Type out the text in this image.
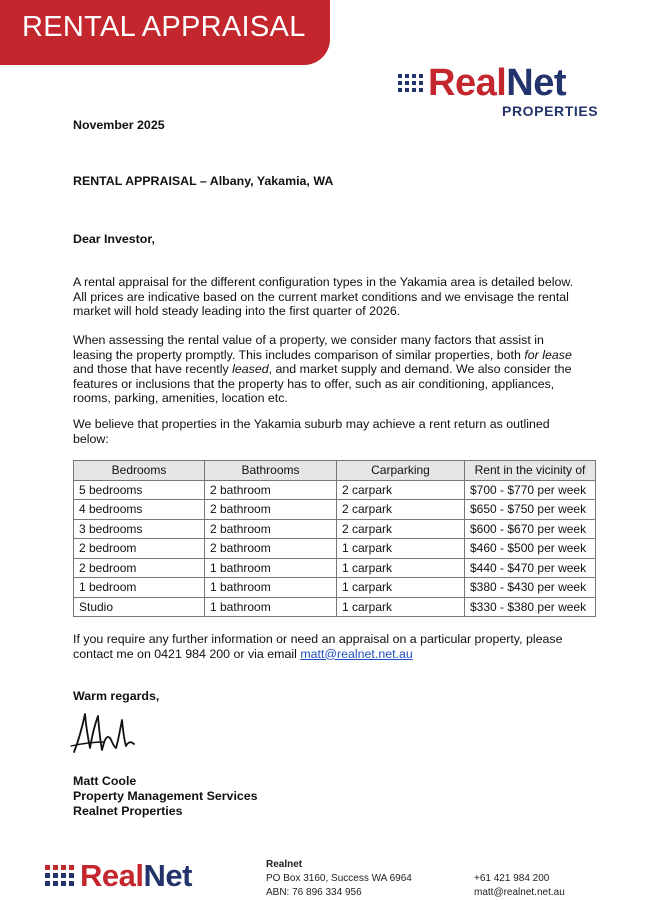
RENTAL APPRAISAL
Real Net
PROPERTIES
November 2025
RENTAL APPRAISAL – Albany, Yakamia, WA
Dear Investor,

A rental appraisal for the different configuration types in the Yakamia area is detailed below.

All prices are indicative based on the current market conditions and we envisage the rental

market will hold steady leading into the first quarter of 2026.

When assessing the rental value of a property, we consider many factors that assist in

leasing the property promptly. This includes comparison of similar properties, both for lease

and those that have recently leased, and market supply and demand. We also consider the

features or inclusions that the property has to offer, such as air conditioning, appliances,

rooms, parking, amenities, location etc.

We believe that properties in the Yakamia suburb may achieve a rent return as outlined

below:

Bedrooms	Bathrooms	Carparking	Rent in the vicinity of
5 bedrooms	2 bathroom	2 carpark	$700 - $770 per week
4 bedrooms	2 bathroom	2 carpark	$650 - $750 per week
3 bedrooms	2 bathroom	2 carpark	$600 - $670 per week
2 bedroom	2 bathroom	1 carpark	$460 - $500 per week
2 bedroom	1 bathroom	1 carpark	$440 - $470 per week
1 bedroom	1 bathroom	1 carpark	$380 - $430 per week
Studio	1 bathroom	1 carpark	$330 - $380 per week

If you require any further information or need an appraisal on a particular property, please

contact me on 0421 984 200 or via email matt@realnet.net.au

Warm regards,
Matt Coole
Property Management Services
Realnet Properties
Real Net	Realnet
PO Box 3160, Success WA 6964
ABN: 76 896 334 956
+61 421 984 200
matt@realnet.net.au
